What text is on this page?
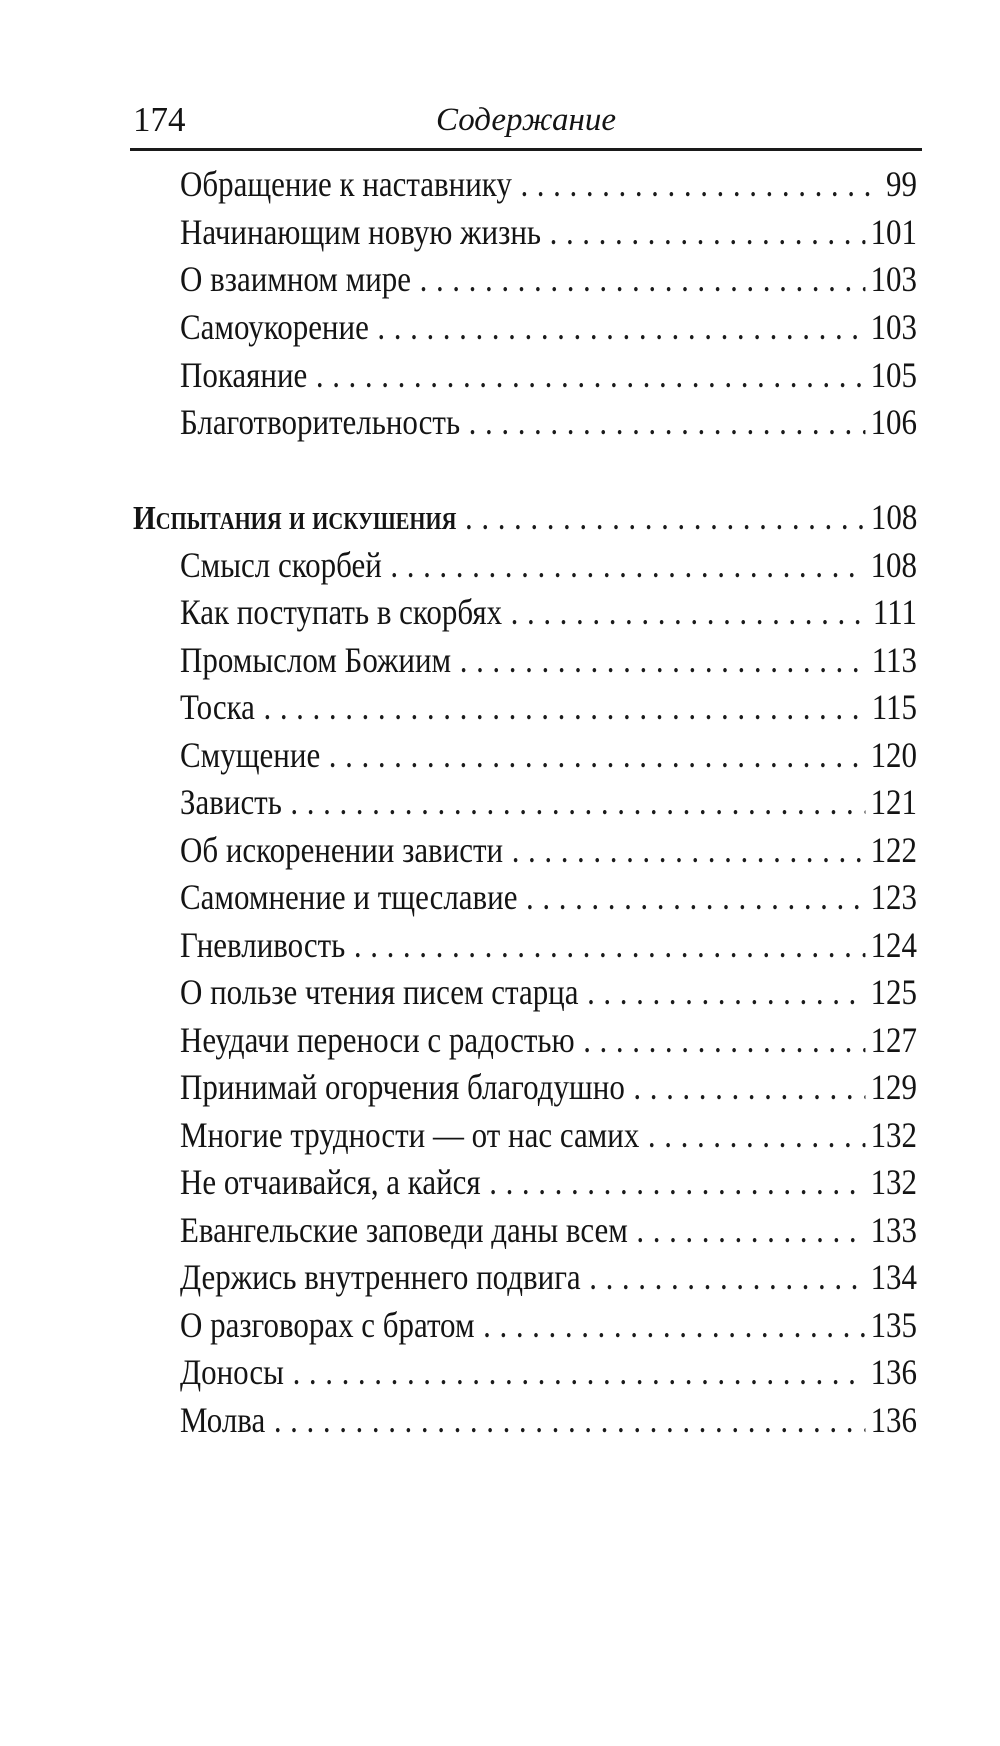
174	Содержание
Обращение к наставнику . . .	99
Начинающим новую жизнь . . .	101
О взаимном мире . . .	103
Самоукорение . . .	103
Покаяние . . .	105
Благотворительность . . .	106
Испытания и искушения . . .	108
Смысл скорбей . . .	108
Как поступать в скорбях . . .	111
Промыслом Божиим . . .	113
Тоска . . .	115
Смущение . . .	120
Зависть . . .	121
Об искоренении зависти . . .	122
Самомнение и тщеславие . . .	123
Гневливость . . .	124
О пользе чтения писем старца . . .	125
Неудачи переноси с радостью . . .	127
Принимай огорчения благодушно . . .	129
Многие трудности — от нас самих . . .	132
Не отчаивайся, а кайся . . .	132
Евангельские заповеди даны всем . . .	133
Держись внутреннего подвига . . .	134
О разговорах с братом . . .	135
Доносы . . .	136
Молва . . .	136
